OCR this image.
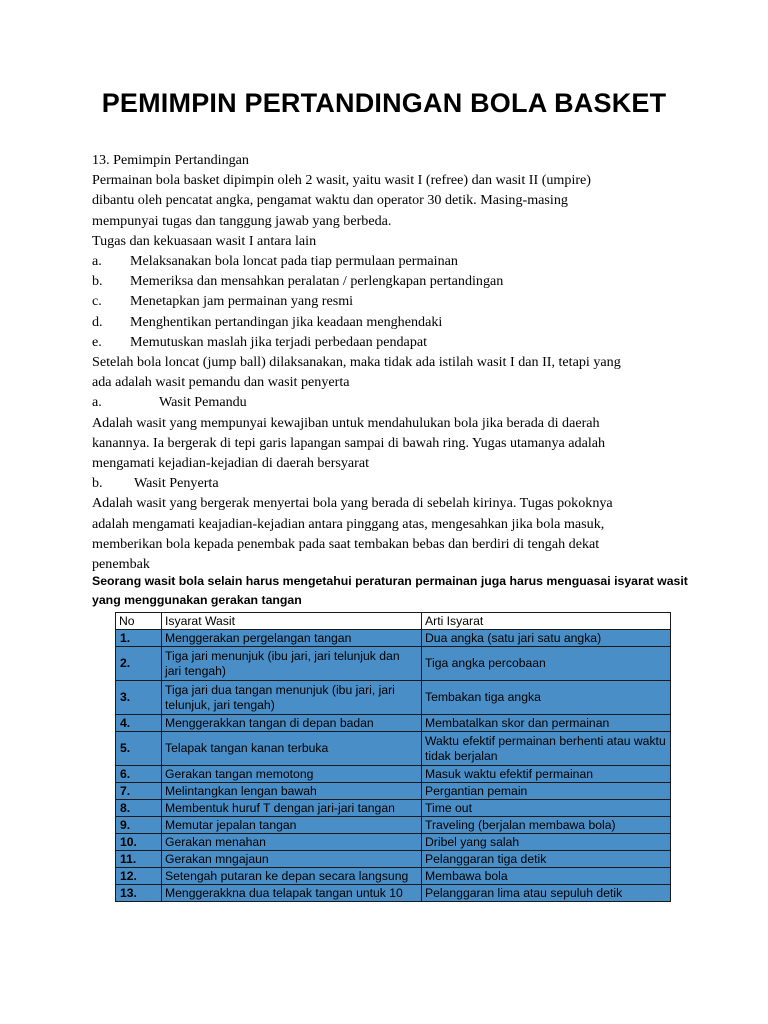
PEMIMPIN PERTANDINGAN BOLA BASKET
13. Pemimpin Pertandingan
Permainan bola basket dipimpin oleh 2 wasit, yaitu wasit I (refree) dan wasit II (umpire)
dibantu oleh pencatat angka, pengamat waktu dan operator 30 detik. Masing-masing
mempunyai tugas dan tanggung jawab yang berbeda.
Tugas dan kekuasaan wasit I antara lain
a.	Melaksanakan bola loncat pada tiap permulaan permainan
b.	Memeriksa dan mensahkan peralatan / perlengkapan pertandingan
c.	Menetapkan jam permainan yang resmi
d.	Menghentikan pertandingan jika keadaan menghendaki
e.	Memutuskan maslah jika terjadi perbedaan pendapat
Setelah bola loncat (jump ball) dilaksanakan, maka tidak ada istilah wasit I dan II, tetapi yang
ada adalah wasit pemandu dan wasit penyerta
a.	Wasit Pemandu
Adalah wasit yang mempunyai kewajiban untuk mendahulukan bola jika berada di daerah
kanannya. Ia bergerak di tepi garis lapangan sampai di bawah ring. Yugas utamanya adalah
mengamati kejadian-kejadian di daerah bersyarat
b.	Wasit Penyerta
Adalah wasit yang bergerak menyertai bola yang berada di sebelah kirinya. Tugas pokoknya
adalah mengamati keajadian-kejadian antara pinggang atas, mengesahkan jika bola masuk,
memberikan bola kepada penembak pada saat tembakan bebas dan berdiri di tengah dekat
penembak
Seorang wasit bola selain harus mengetahui peraturan permainan juga harus menguasai isyarat wasit yang menggunakan gerakan tangan
No	Isyarat Wasit	Arti Isyarat
1.	Menggerakan pergelangan tangan	Dua angka (satu jari satu angka)
2.	Tiga jari menunjuk (ibu jari, jari telunjuk dan jari tengah)	Tiga angka percobaan
3.	Tiga jari dua tangan menunjuk (ibu jari, jari telunjuk, jari tengah)	Tembakan tiga angka
4.	Menggerakkan tangan di depan badan	Membatalkan skor dan permainan
5.	Telapak tangan kanan terbuka	Waktu efektif permainan berhenti atau waktu tidak berjalan
6.	Gerakan tangan memotong	Masuk waktu efektif permainan
7.	Melintangkan lengan bawah	Pergantian pemain
8.	Membentuk huruf T dengan jari-jari tangan	Time out
9.	Memutar jepalan tangan	Traveling (berjalan membawa bola)
10.	Gerakan menahan	Dribel yang salah
11.	Gerakan mngajaun	Pelanggaran tiga detik
12.	Setengah putaran ke depan secara langsung	Membawa bola
13.	Menggerakkna dua telapak tangan untuk 10	Pelanggaran lima atau sepuluh detik
